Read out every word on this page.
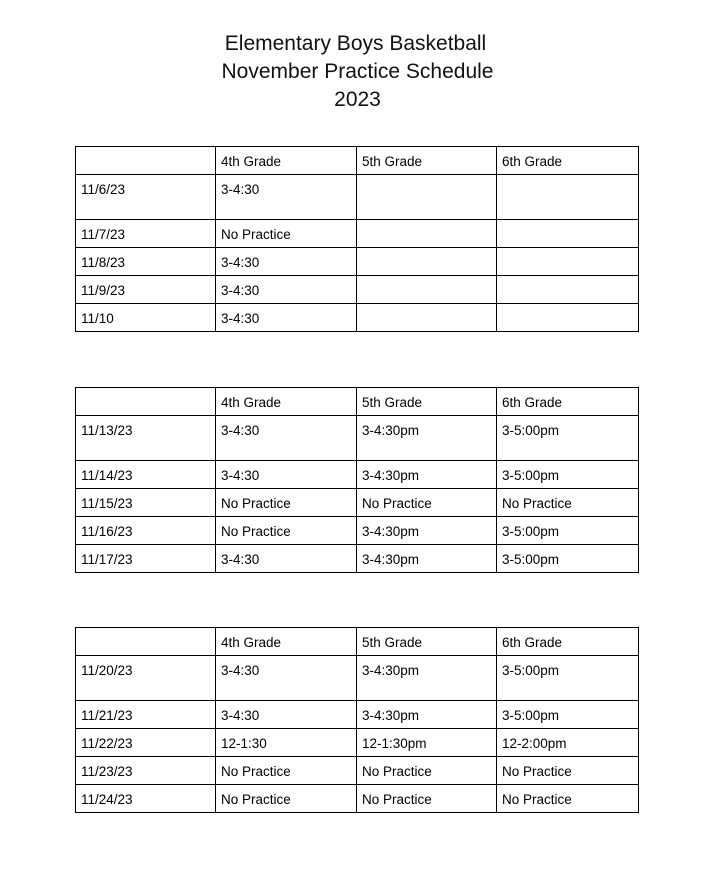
Elementary Boys Basketball
November Practice Schedule
2023
	4th Grade	5th Grade	6th Grade
11/6/23	3-4:30		
11/7/23	No Practice		
11/8/23	3-4:30		
11/9/23	3-4:30		
11/10	3-4:30		
	4th Grade	5th Grade	6th Grade
11/13/23	3-4:30	3-4:30pm	3-5:00pm
11/14/23	3-4:30	3-4:30pm	3-5:00pm
11/15/23	No Practice	No Practice	No Practice
11/16/23	No Practice	3-4:30pm	3-5:00pm
11/17/23	3-4:30	3-4:30pm	3-5:00pm
	4th Grade	5th Grade	6th Grade
11/20/23	3-4:30	3-4:30pm	3-5:00pm
11/21/23	3-4:30	3-4:30pm	3-5:00pm
11/22/23	12-1:30	12-1:30pm	12-2:00pm
11/23/23	No Practice	No Practice	No Practice
11/24/23	No Practice	No Practice	No Practice
